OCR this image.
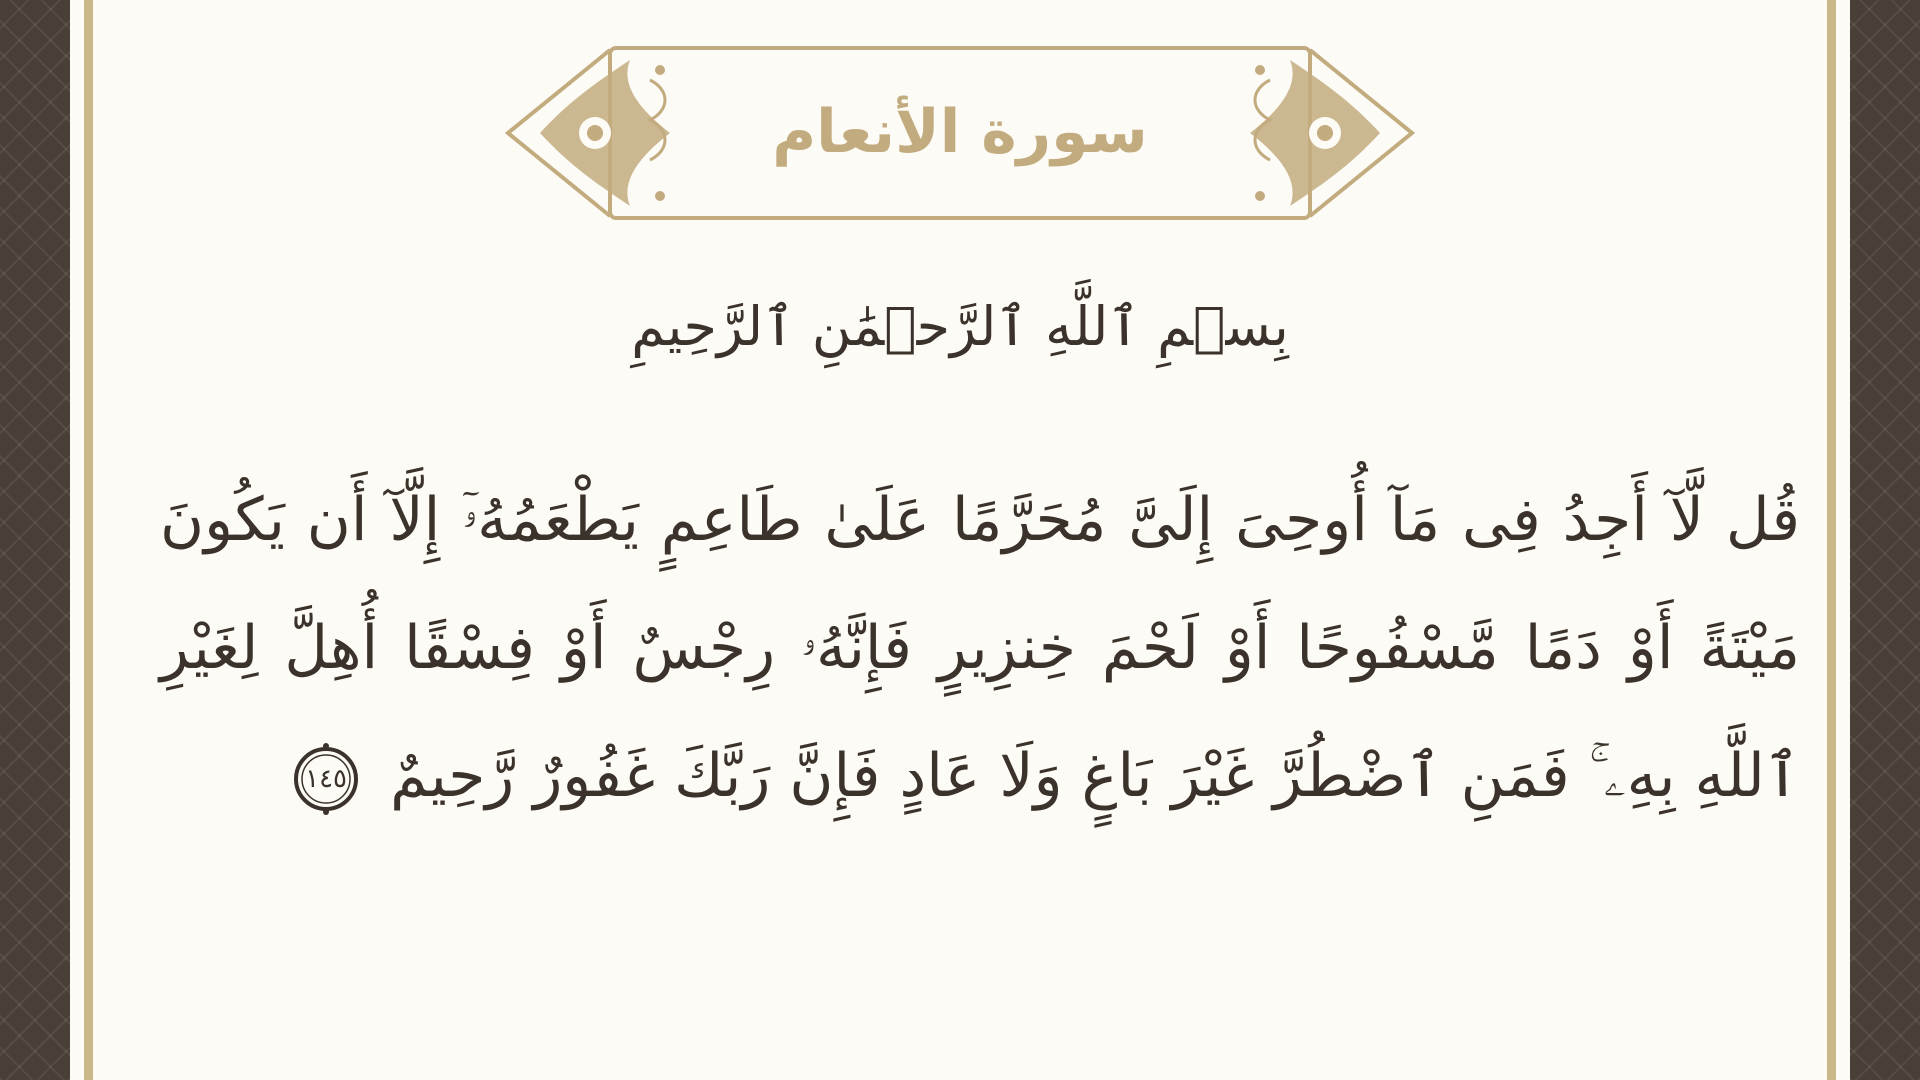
سورة الأنعام
بِسۡمِ ٱللَّهِ ٱلرَّحۡمَٰنِ ٱلرَّحِيمِ
قُل لَّآ أَجِدُ فِى مَآ أُوحِىَ إِلَىَّ مُحَرَّمًا عَلَىٰ طَاعِمٍ يَطْعَمُهُۥٓ إِلَّآ أَن يَكُونَ مَيْتَةً أَوْ دَمًا مَّسْفُوحًا أَوْ لَحْمَ خِنزِيرٍ فَإِنَّهُۥ رِجْسٌ أَوْ فِسْقًا أُهِلَّ لِغَيْرِ ٱللَّهِ بِهِۦ ۚ فَمَنِ ٱضْطُرَّ غَيْرَ بَاغٍ وَلَا عَادٍ فَإِنَّ رَبَّكَ غَفُورٌ رَّحِيمٌ
١٤٥
